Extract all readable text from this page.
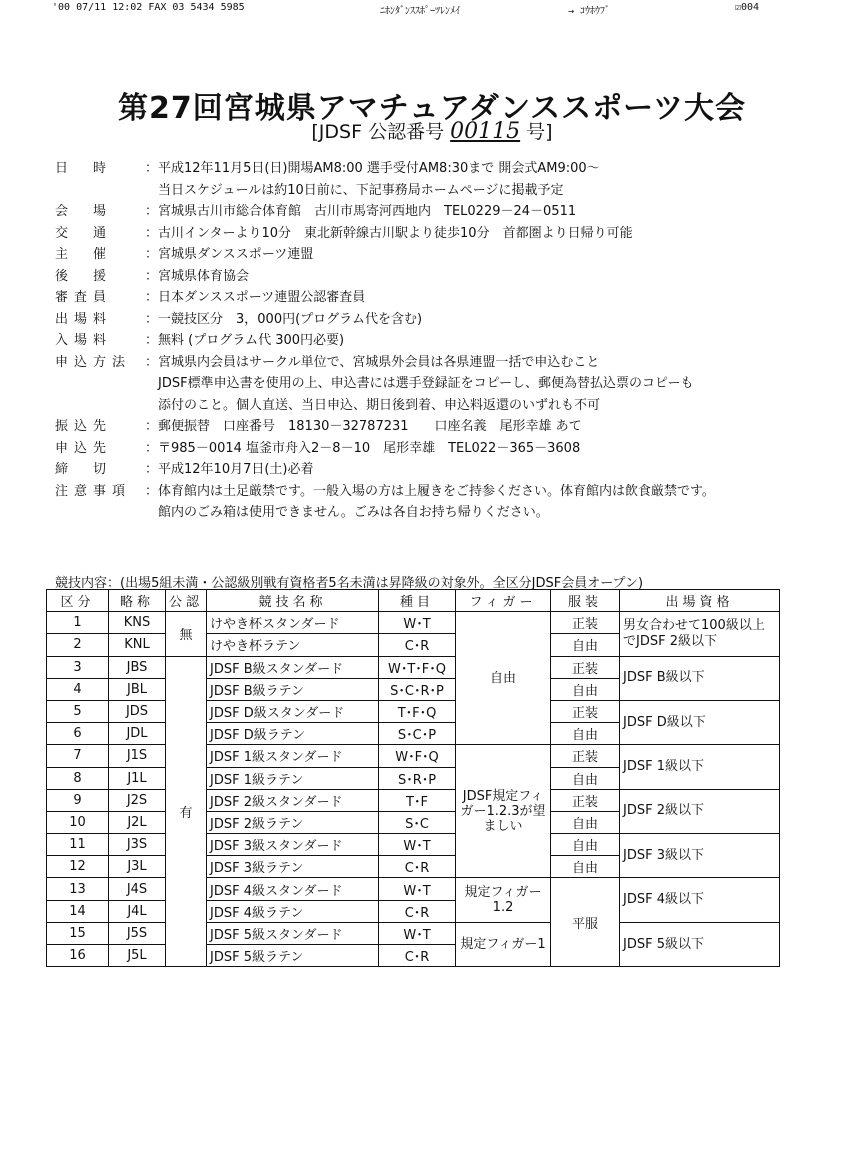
'00 07/11 12:02 FAX 03 5434 5985	ﾆﾎﾝﾀﾞﾝｽｽﾎﾟｰﾂﾚﾝﾒｲ	→ ｺｳﾎｳﾌﾞ	☑004
第27回宮城県アマチュアダンススポーツ大会
[JDSF 公認番号 00115 号]
日　時	：平成12年11月5日(日)開場AM8:00 選手受付AM8:30まで 開会式AM9:00～
当日スケジュールは約10日前に、下記事務局ホームページに掲載予定
会　場	：宮城県古川市総合体育館　古川市馬寄河西地内　TEL0229－24－0511
交　通	：古川インターより10分　東北新幹線古川駅より徒歩10分　首都圏より日帰り可能
主　催	：宮城県ダンススポーツ連盟
後　援	：宮城県体育協会
審査員	：日本ダンススポーツ連盟公認審査員
出場料	：一競技区分　3，000円(プログラム代を含む)
入場料	：無料 (プログラム代 300円必要)
申込方法	：宮城県内会員はサークル単位で、宮城県外会員は各県連盟一括で申込むこと
JDSF標準申込書を使用の上、申込書には選手登録証をコピーし、郵便為替払込票のコピーも
添付のこと。個人直送、当日申込、期日後到着、申込料返還のいずれも不可
振込先	：郵便振替　口座番号　18130－32787231　　口座名義　尾形幸雄 あて
申込先	：〒985－0014 塩釜市舟入2－8－10　尾形幸雄　TEL022－365－3608
締　切	：平成12年10月7日(土)必着
注意事項	：体育館内は土足厳禁です。一般入場の方は上履きをご持参ください。体育館内は飲食厳禁です。
館内のごみ箱は使用できません。ごみは各自お持ち帰りください。
競技内容：(出場5組未満・公認級別戦有資格者5名未満は昇降級の対象外。全区分JDSF会員オープン)
区分	略称	公認	競技名称	種目	フィガー	服装	出場資格
1	KNS	無	けやき杯スタンダード	W･T	自由	正装	男女合わせて100級以上でJDSF 2級以下
2	KNL		けやき杯ラテン	C･R		自由	
3	JBS	有	JDSF B級スタンダード	W･T･F･Q		正装	JDSF B級以下
4	JBL		JDSF B級ラテン	S･C･R･P		自由	
5	JDS		JDSF D級スタンダード	T･F･Q		正装	JDSF D級以下
6	JDL		JDSF D級ラテン	S･C･P		自由	
7	J1S		JDSF 1級スタンダード	W･F･Q	JDSF規定フィガー1.2.3が望ましい	正装	JDSF 1級以下
8	J1L		JDSF 1級ラテン	S･R･P		自由	
9	J2S		JDSF 2級スタンダード	T･F		正装	JDSF 2級以下
10	J2L		JDSF 2級ラテン	S･C		自由	
11	J3S		JDSF 3級スタンダード	W･T		自由	JDSF 3級以下
12	J3L		JDSF 3級ラテン	C･R		自由	
13	J4S		JDSF 4級スタンダード	W･T	規定フィガー 1.2	平服	JDSF 4級以下
14	J4L		JDSF 4級ラテン	C･R			
15	J5S		JDSF 5級スタンダード	W･T	規定フィガー1		JDSF 5級以下
16	J5L		JDSF 5級ラテン	C･R			
